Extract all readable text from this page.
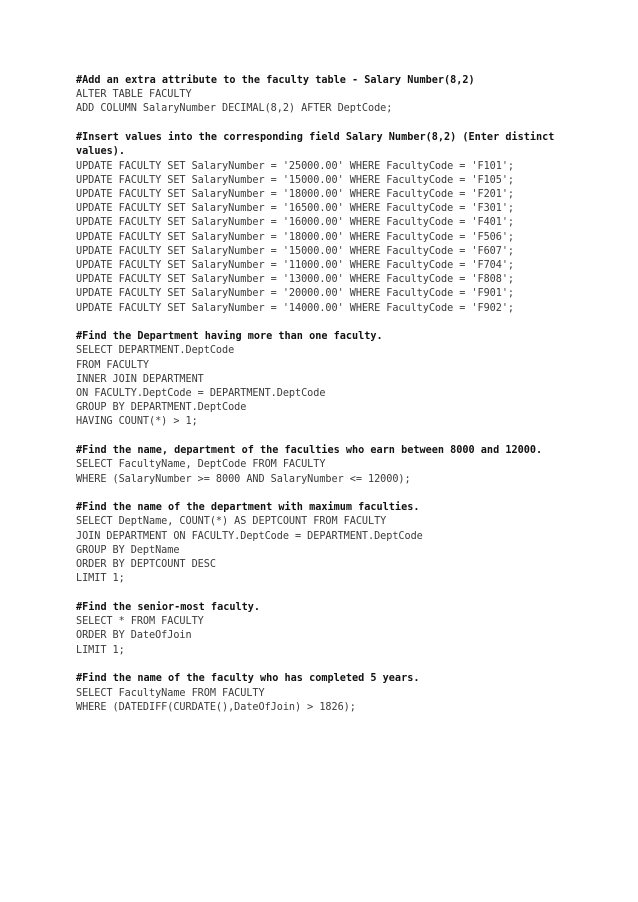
#Add an extra attribute to the faculty table - Salary Number(8,2)
ALTER TABLE FACULTY
ADD COLUMN SalaryNumber DECIMAL(8,2) AFTER DeptCode;
#Insert values into the corresponding field Salary Number(8,2) (Enter distinct values).
UPDATE FACULTY SET SalaryNumber = '25000.00' WHERE FacultyCode = 'F101';
UPDATE FACULTY SET SalaryNumber = '15000.00' WHERE FacultyCode = 'F105';
UPDATE FACULTY SET SalaryNumber = '18000.00' WHERE FacultyCode = 'F201';
UPDATE FACULTY SET SalaryNumber = '16500.00' WHERE FacultyCode = 'F301';
UPDATE FACULTY SET SalaryNumber = '16000.00' WHERE FacultyCode = 'F401';
UPDATE FACULTY SET SalaryNumber = '18000.00' WHERE FacultyCode = 'F506';
UPDATE FACULTY SET SalaryNumber = '15000.00' WHERE FacultyCode = 'F607';
UPDATE FACULTY SET SalaryNumber = '11000.00' WHERE FacultyCode = 'F704';
UPDATE FACULTY SET SalaryNumber = '13000.00' WHERE FacultyCode = 'F808';
UPDATE FACULTY SET SalaryNumber = '20000.00' WHERE FacultyCode = 'F901';
UPDATE FACULTY SET SalaryNumber = '14000.00' WHERE FacultyCode = 'F902';
#Find the Department having more than one faculty.
SELECT DEPARTMENT.DeptCode
FROM FACULTY
INNER JOIN DEPARTMENT
ON FACULTY.DeptCode = DEPARTMENT.DeptCode
GROUP BY DEPARTMENT.DeptCode
HAVING COUNT(*) > 1;
#Find the name, department of the faculties who earn between 8000 and 12000.
SELECT FacultyName, DeptCode FROM FACULTY
WHERE (SalaryNumber >= 8000 AND SalaryNumber <= 12000);
#Find the name of the department with maximum faculties.
SELECT DeptName, COUNT(*) AS DEPTCOUNT FROM FACULTY
JOIN DEPARTMENT ON FACULTY.DeptCode = DEPARTMENT.DeptCode
GROUP BY DeptName
ORDER BY DEPTCOUNT DESC
LIMIT 1;
#Find the senior-most faculty.
SELECT * FROM FACULTY
ORDER BY DateOfJoin
LIMIT 1;
#Find the name of the faculty who has completed 5 years.
SELECT FacultyName FROM FACULTY
WHERE (DATEDIFF(CURDATE(),DateOfJoin) > 1826);
